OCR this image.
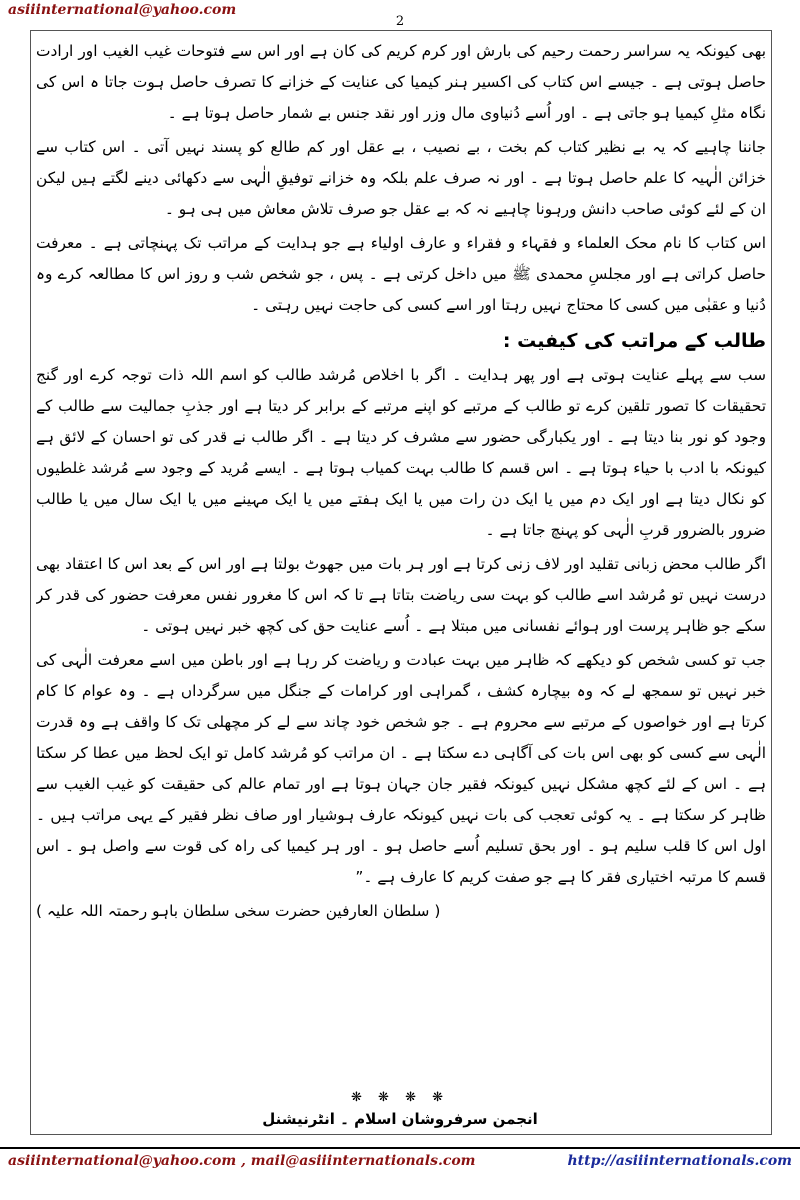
asiiinternational@yahoo.com
2

بھی کیونکہ یہ سراسر رحمت رحیم کی بارش اور کرم کریم کی کان ہے اور اس سے فتوحات غیب الغیب اور ارادت حاصل ہوتی ہے ۔ جیسے اس کتاب کی اکسیر ہنر کیمیا کی عنایت کے خزانے کا تصرف حاصل ہوت جاتا ہ اس کی نگاہ مثلِ کیمیا ہو جاتی ہے ۔ اور اُسے دُنیاوی مال وزر اور نقد جنس بے شمار حاصل ہوتا ہے ۔

جاننا چاہیے کہ یہ بے نظیر کتاب کم بخت ، بے نصیب ، بے عقل اور کم طالع کو پسند نہیں آتی ۔ اس کتاب سے خزائن الٰہیہ کا علم حاصل ہوتا ہے ۔ اور نہ صرف علم بلکہ وہ خزانے توفیقِ الٰہی سے دکھائی دینے لگتے ہیں لیکن ان کے لئے کوئی صاحب دانش ورہونا چاہیے نہ کہ بے عقل جو صرف تلاش معاش میں ہی ہو ۔

اس کتاب کا نام محک العلماء و فقہاء و فقراء و عارف اولیاء ہے جو ہدایت کے مراتب تک پہنچاتی ہے ۔ معرفت حاصل کراتی ہے اور مجلسِ محمدی ﷺ میں داخل کرتی ہے ۔ پس ، جو شخص شب و روز اس کا مطالعہ کرے وہ دُنیا و عقبٰی میں کسی کا محتاج نہیں رہتا اور اسے کسی کی حاجت نہیں رہتی ۔

طالب کے مراتب کی کیفیت :

سب سے پہلے عنایت ہوتی ہے اور پھر ہدایت ۔ اگر با اخلاص مُرشد طالب کو اسم اللہ ذات توجہ کرے اور گنج تحقیقات کا تصور تلقین کرے تو طالب کے مرتبے کو اپنے مرتبے کے برابر کر دیتا ہے اور جذبِ جمالیت سے طالب کے وجود کو نور بنا دیتا ہے ۔ اور یکبارگی حضور سے مشرف کر دیتا ہے ۔ اگر طالب نے قدر کی تو احسان کے لائق ہے کیونکہ با ادب با حیاء ہوتا ہے ۔ اس قسم کا طالب بہت کمیاب ہوتا ہے ۔ ایسے مُرید کے وجود سے مُرشد غلطیوں کو نکال دیتا ہے اور ایک دم میں یا ایک دن رات میں یا ایک ہفتے میں یا ایک مہینے میں یا ایک سال میں یا طالب ضرور بالضرور قربِ الٰہی کو پہنچ جاتا ہے ۔

اگر طالب محض زبانی تقلید اور لاف زنی کرتا ہے اور ہر بات میں جھوٹ بولتا ہے اور اس کے بعد اس کا اعتقاد بھی درست نہیں تو مُرشد اسے طالب کو بہت سی ریاضت بتاتا ہے تا کہ اس کا مغرور نفس معرفت حضور کی قدر کر سکے جو ظاہر پرست اور ہوائے نفسانی میں مبتلا ہے ۔ اُسے عنایت حق کی کچھ خبر نہیں ہوتی ۔

جب تو کسی شخص کو دیکھے کہ ظاہر میں بہت عبادت و ریاضت کر رہا ہے اور باطن میں اسے معرفت الٰہی کی خبر نہیں تو سمجھ لے کہ وہ بیچارہ کشف ، گمراہی اور کرامات کے جنگل میں سرگرداں ہے ۔ وہ عوام کا کام کرتا ہے اور خواصوں کے مرتبے سے محروم ہے ۔ جو شخص خود چاند سے لے کر مچھلی تک کا واقف ہے وہ قدرت الٰہی سے کسی کو بھی اس بات کی آگاہی دے سکتا ہے ۔ ان مراتب کو مُرشد کامل تو ایک لحظ میں عطا کر سکتا ہے ۔ اس کے لئے کچھ مشکل نہیں کیونکہ فقیر جان جہان ہوتا ہے اور تمام عالم کی حقیقت کو غیب الغیب سے ظاہر کر سکتا ہے ۔ یہ کوئی تعجب کی بات نہیں کیونکہ عارف ہوشیار اور صاف نظر فقیر کے یہی مراتب ہیں ۔ اول اس کا قلب سلیم ہو ۔ اور بحق تسلیم اُسے حاصل ہو ۔ اور ہر کیمیا کی راہ کی قوت سے واصل ہو ۔ اس قسم کا مرتبہ اختیاری فقر کا ہے جو صفت کریم کا عارف ہے ۔”

( سلطان العارفین حضرت سخی سلطان باہو رحمتہ اللہ علیہ )
❋ ❋ ❋ ❋
انجمن سرفروشان اسلام ۔ انٹرنیشنل
asiiinternational@yahoo.com , mail@asiiinternationals.com	http://asiiinternationals.com
